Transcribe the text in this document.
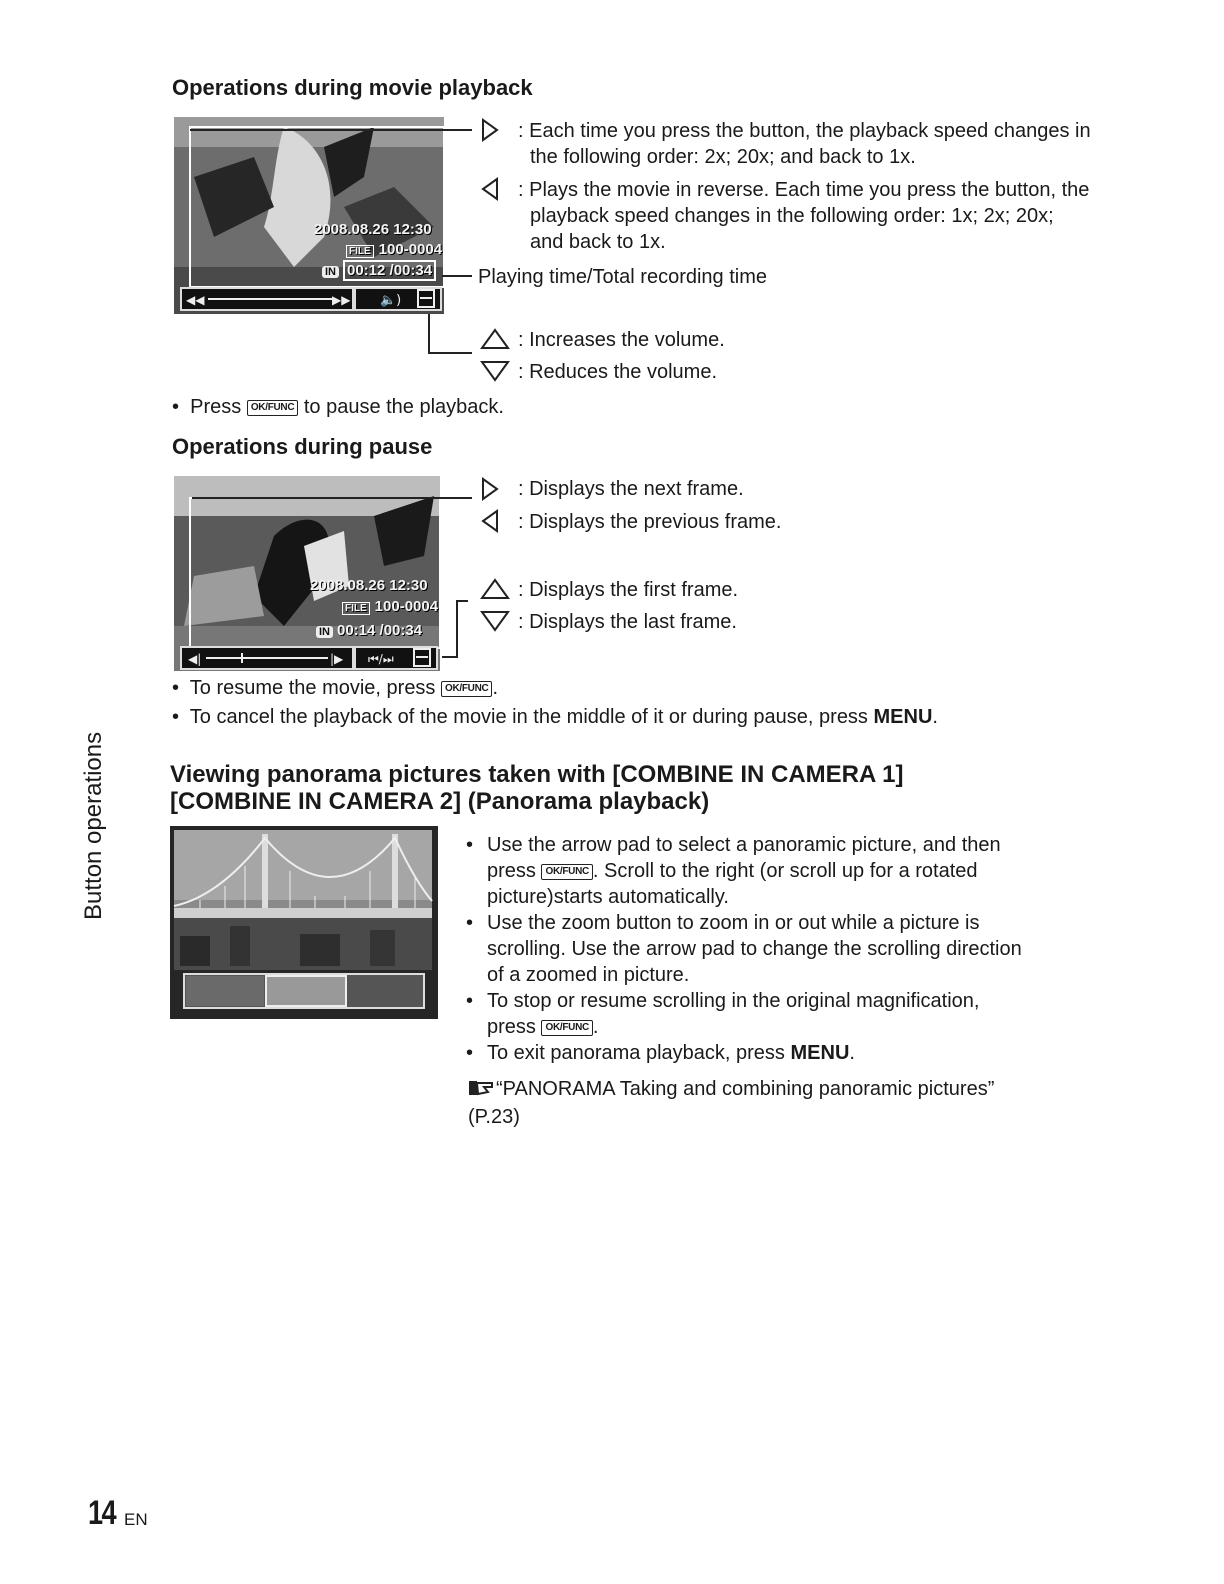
Operations during movie playback
2008.08.26 12:30
FILE 100-0004
IN 00:12 /00:34
◀◀	▶▶ 🔈)
: Each time you press the button, the playback speed changes in the following order: 2x; 20x; and back to 1x.
: Plays the movie in reverse. Each time you press the button, the playback speed changes in the following order: 1x; 2x; 20x; and back to 1x.
Playing time/Total recording time
: Increases the volume.
: Reduces the volume.
• Press OK/FUNC to pause the playback.
Operations during pause
2008.08.26 12:30
FILE 100-0004
IN 00:14 /00:34
◀|	|▶ ⏮/⏭
: Displays the next frame.
: Displays the previous frame.
: Displays the first frame.
: Displays the last frame.
• To resume the movie, press OK/FUNC .
• To cancel the playback of the movie in the middle of it or during pause, press MENU.
Viewing panorama pictures taken with [COMBINE IN CAMERA 1]
[COMBINE IN CAMERA 2] (Panorama playback)
• Use the arrow pad to select a panoramic picture, and then
press OK/FUNC . Scroll to the right (or scroll up for a rotated
picture)starts automatically.
• Use the zoom button to zoom in or out while a picture is
scrolling. Use the arrow pad to change the scrolling direction
of a zoomed in picture.
• To stop or resume scrolling in the original magnification,
press OK/FUNC .
• To exit panorama playback, press MENU.
“PANORAMA Taking and combining panoramic pictures”
(P.23)
Button operations
14 EN
